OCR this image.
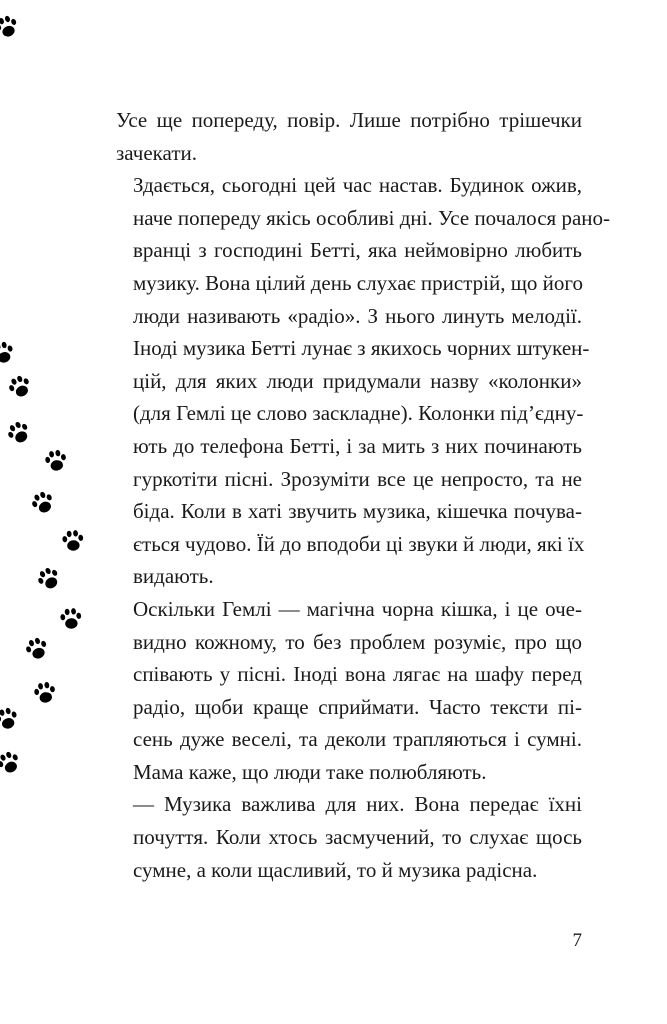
Усе ще попереду, повір. Лише потрібно трішечки
зачекати.

Здається, сьогодні цей час настав. Будинок ожив,
наче попереду якісь особливі дні. Усе почалося рано-
вранці з господині Бетті, яка неймовірно любить
музику. Вона цілий день слухає пристрій, що його
люди називають «радіо». З нього линуть мелодії.
Іноді музика Бетті лунає з якихось чорних штукен-
цій, для яких люди придумали назву «колонки»
(для Гемлі це слово заскладне). Колонки під’єдну-
ють до телефона Бетті, і за мить з них починають
гуркотіти пісні. Зрозуміти все це непросто, та не
біда. Коли в хаті звучить музика, кішечка почува-
ється чудово. Їй до вподоби ці звуки й люди, які їх
видають.

Оскільки Гемлі — магічна чорна кішка, і це оче-
видно кожному, то без проблем розуміє, про що
співають у пісні. Іноді вона лягає на шафу перед
радіо, щоби краще сприймати. Часто тексти пі-
сень дуже веселі, та деколи трапляються і сумні.
Мама каже, що люди таке полюбляють.

— Музика важлива для них. Вона передає їхні
почуття. Коли хтось засмучений, то слухає щось
сумне, а коли щасливий, то й музика радісна.

7
